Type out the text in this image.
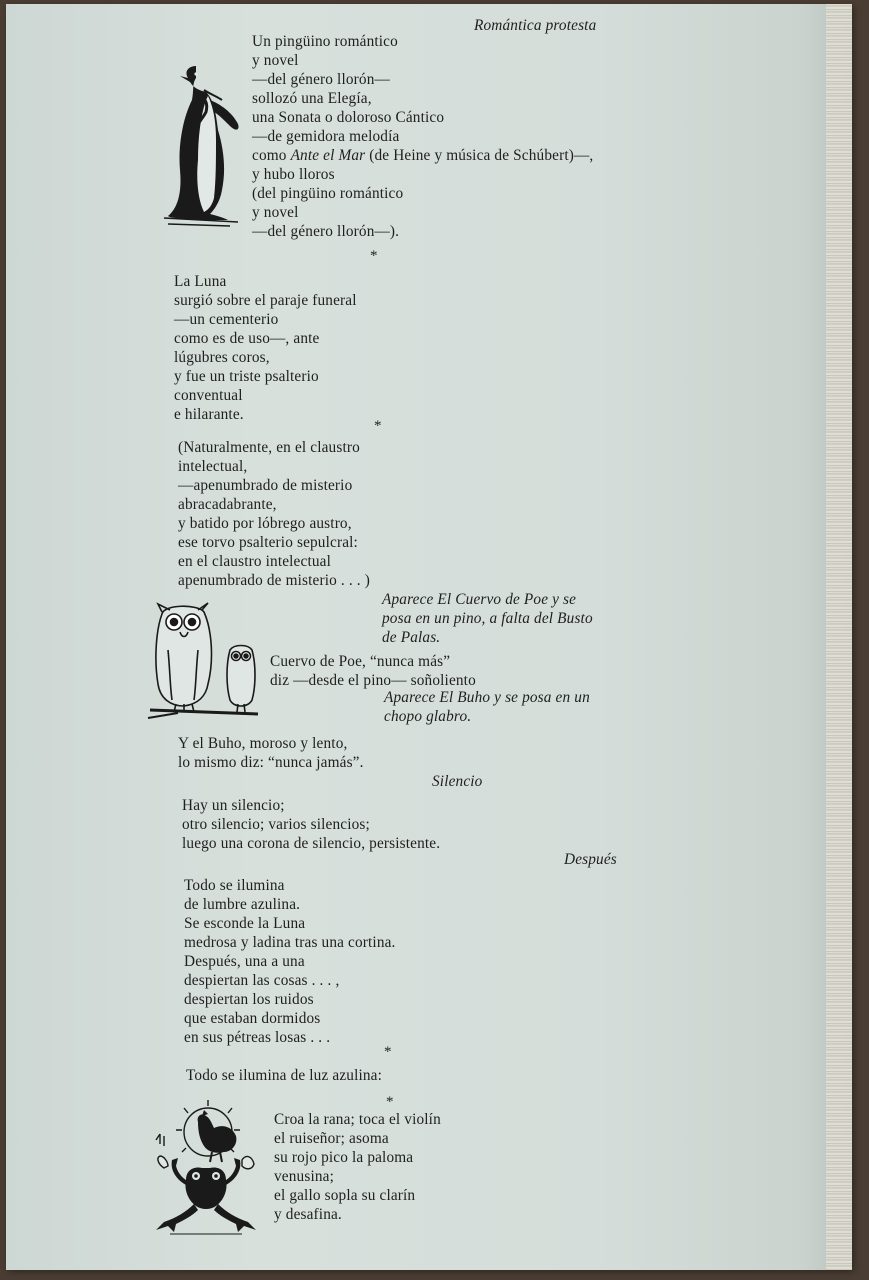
Romántica protesta
Un pingüino romántico
y novel
—del género llorón—
sollozó una Elegía,
una Sonata o doloroso Cántico
—de gemidora melodía
como Ante el Mar (de Heine y música de Schúbert)—,
y hubo lloros
(del pingüino romántico
y novel
—del género llorón—).
*
La Luna
surgió sobre el paraje funeral
—un cementerio
como es de uso—, ante
lúgubres coros,
y fue un triste psalterio
conventual
e hilarante.
*
(Naturalmente, en el claustro
intelectual,
—apenumbrado de misterio
abracadabrante,
y batido por lóbrego austro,
ese torvo psalterio sepulcral:
en el claustro intelectual
apenumbrado de misterio . . . )
Aparece El Cuervo de Poe y se
posa en un pino, a falta del Busto
de Palas.
Cuervo de Poe, “nunca más”
diz —desde el pino— soñoliento
Aparece El Buho y se posa en un
chopo glabro.
Y el Buho, moroso y lento,
lo mismo diz: “nunca jamás”.
Silencio
Hay un silencio;
otro silencio; varios silencios;
luego una corona de silencio, persistente.
Después
Todo se ilumina
de lumbre azulina.
Se esconde la Luna
medrosa y ladina tras una cortina.
Después, una a una
despiertan las cosas . . . ,
despiertan los ruidos
que estaban dormidos
en sus pétreas losas . . .
*
Todo se ilumina de luz azulina:
*
Croa la rana; toca el violín
el ruiseñor; asoma
su rojo pico la paloma
venusina;
el gallo sopla su clarín
y desafina.
